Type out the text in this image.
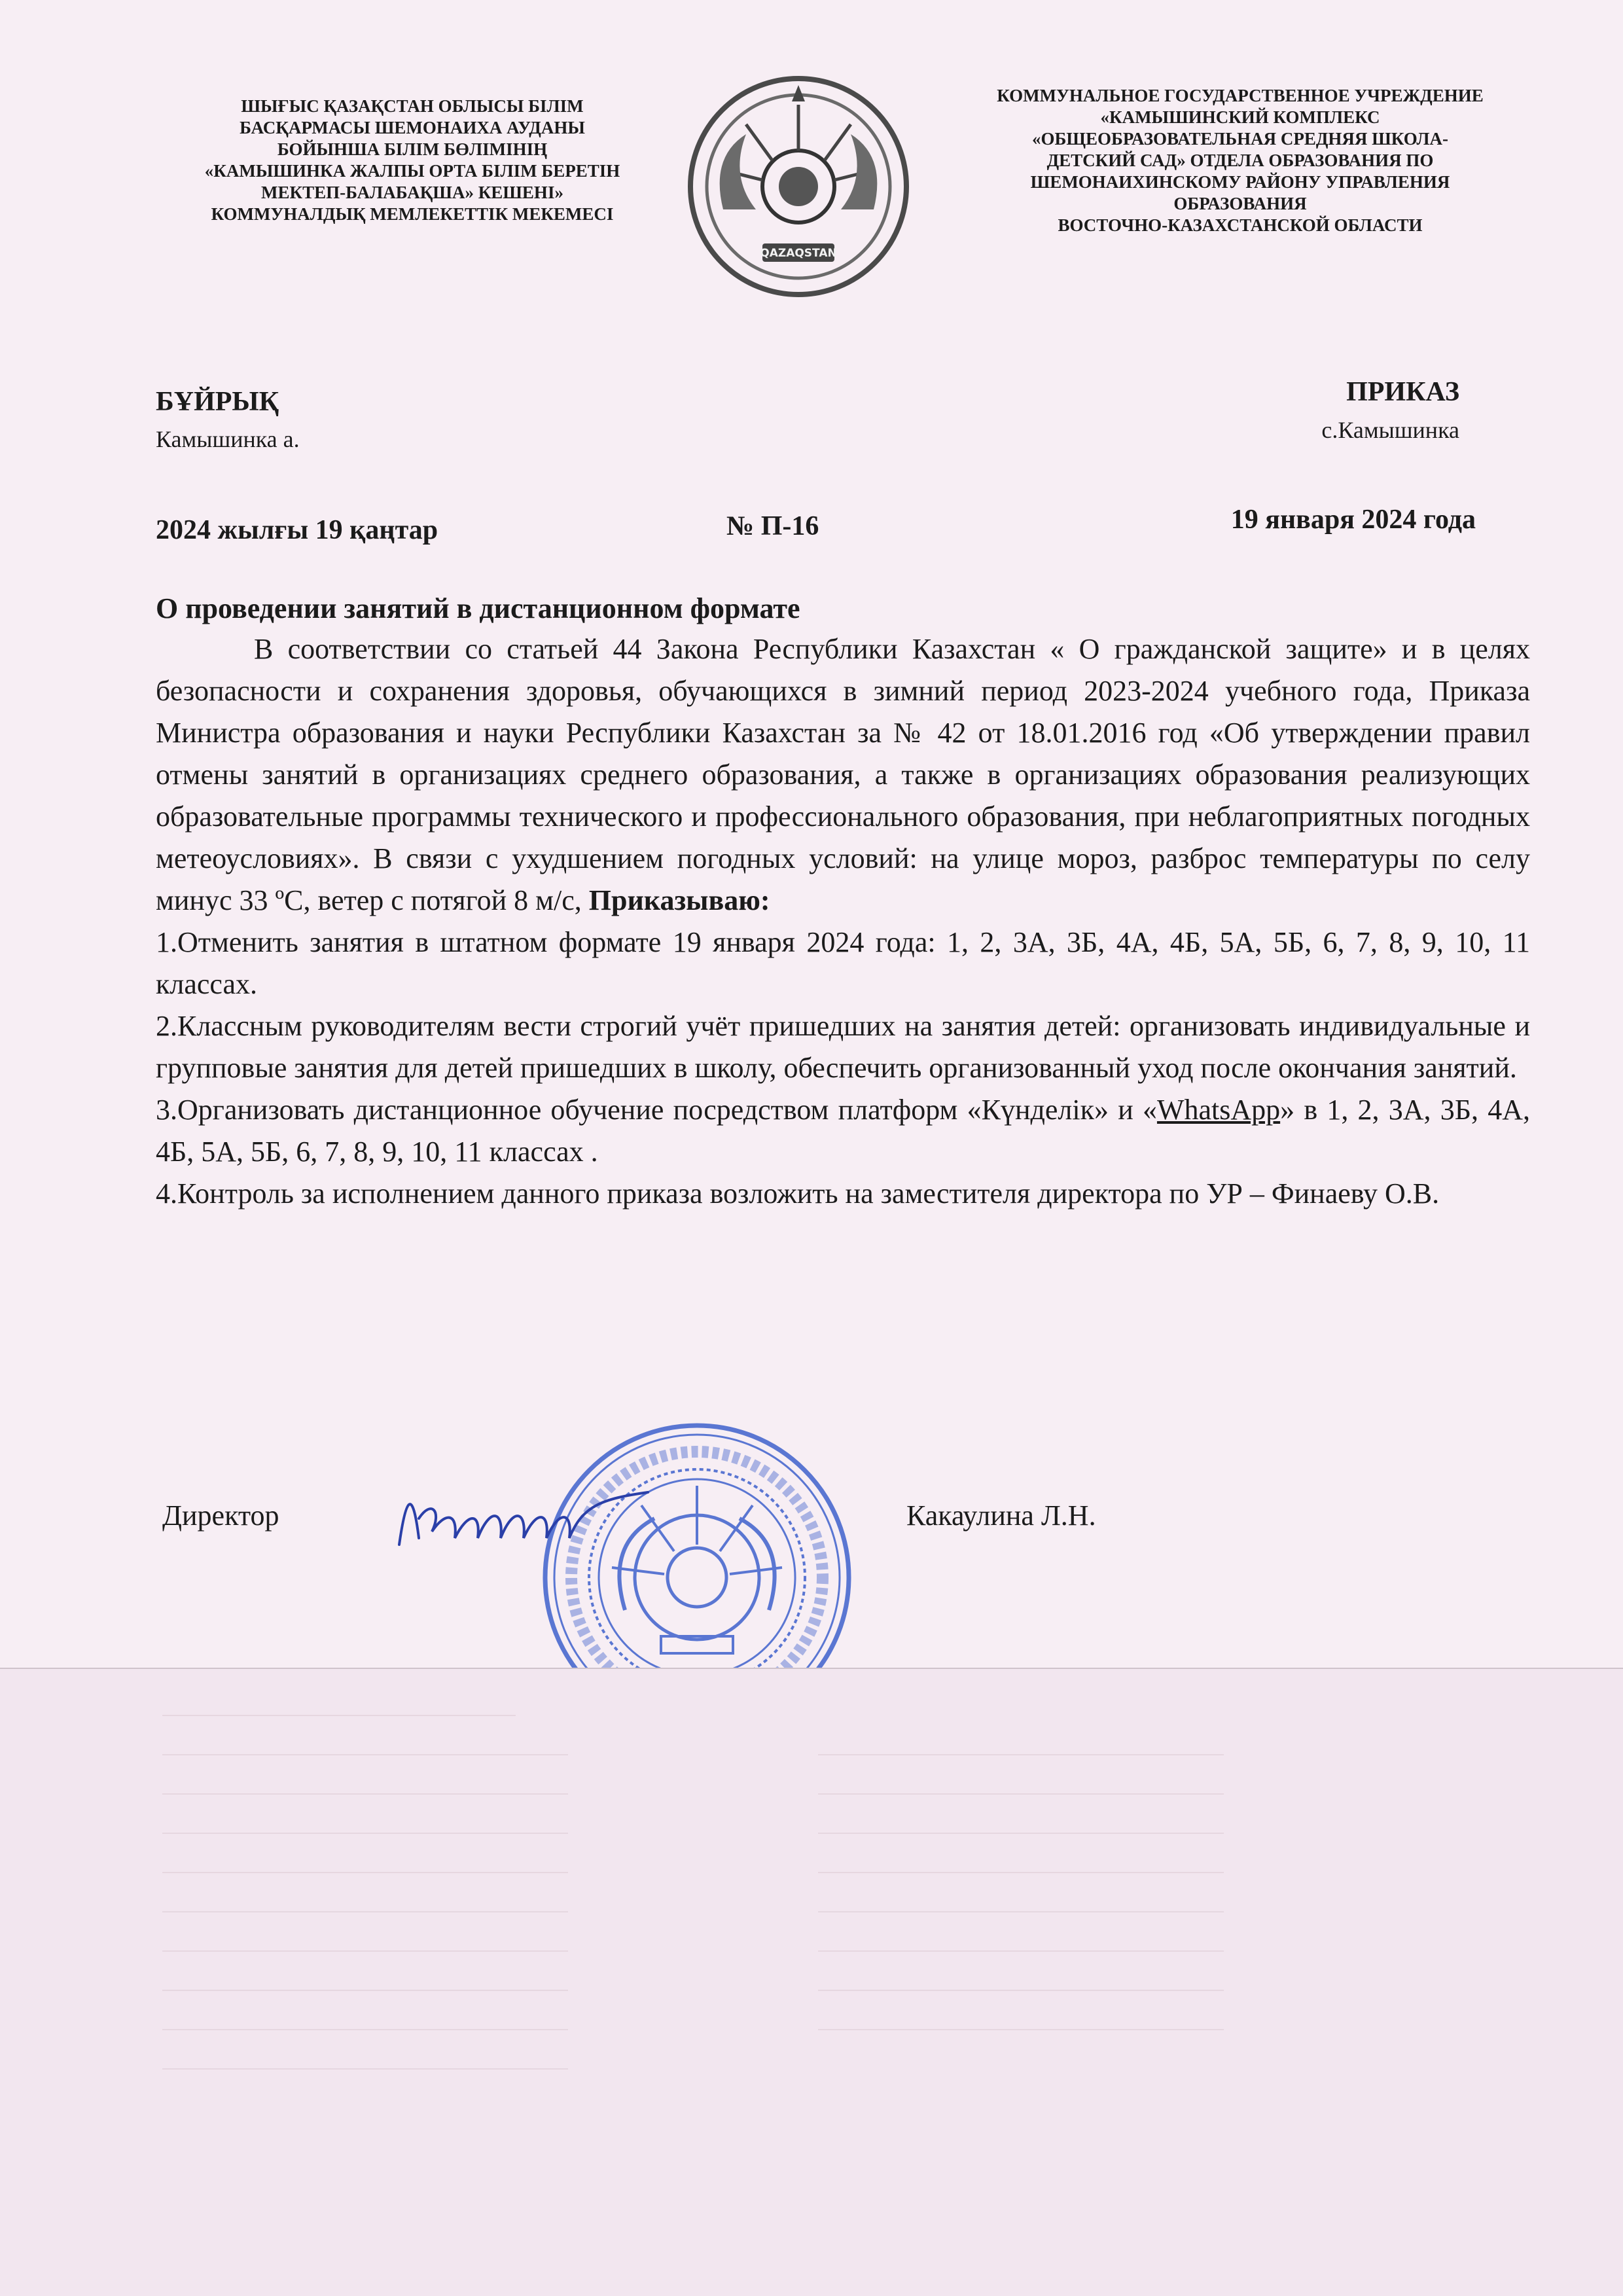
ШЫҒЫС ҚАЗАҚСТАН ОБЛЫСЫ БІЛІМ
БАСҚАРМАСЫ ШЕМОНАИХА АУДАНЫ
БОЙЫНША БІЛІМ БӨЛІМІНІҢ
«КАМЫШИНКА ЖАЛПЫ ОРТА БІЛІМ БЕРЕТІН
МЕКТЕП-БАЛАБАҚША» КЕШЕНІ»
КОММУНАЛДЫҚ МЕМЛЕКЕТТІК МЕКЕМЕСІ
QAZAQSTAN
КОММУНАЛЬНОЕ ГОСУДАРСТВЕННОЕ УЧРЕЖДЕНИЕ
«КАМЫШИНСКИЙ КОМПЛЕКС
«ОБЩЕОБРАЗОВАТЕЛЬНАЯ СРЕДНЯЯ ШКОЛА-
ДЕТСКИЙ САД» ОТДЕЛА ОБРАЗОВАНИЯ ПО
ШЕМОНАИХИНСКОМУ РАЙОНУ УПРАВЛЕНИЯ
ОБРАЗОВАНИЯ
ВОСТОЧНО-КАЗАХСТАНСКОЙ ОБЛАСТИ
БҰЙРЫҚ
Камышинка а.
ПРИКАЗ
с.Камышинка
2024 жылғы 19 қаңтар	№ П-16	19 января 2024 года
О проведении занятий в дистанционном формате

В соответствии со статьей 44 Закона Республики Казахстан « О гражданской защите» и в целях безопасности и сохранения здоровья, обучающихся в зимний период 2023-2024 учебного года, Приказа Министра образования и науки Республики Казахстан за № 42 от 18.01.2016 год «Об утверждении правил отмены занятий в организациях среднего образования, а также в организациях образования реализующих образовательные программы технического и профессионального образования, при неблагоприятных погодных метеоусловиях». В связи с ухудшением погодных условий: на улице мороз, разброс температуры по селу минус 33 ºС, ветер с потягой 8 м/с, Приказываю:

1.Отменить занятия в штатном формате 19 января 2024 года: 1, 2, 3А, 3Б, 4А, 4Б, 5А, 5Б, 6, 7, 8, 9, 10, 11 классах.

2.Классным руководителям вести строгий учёт пришедших на занятия детей: организовать индивидуальные и групповые занятия для детей пришедших в школу, обеспечить организованный уход после окончания занятий.

3.Организовать дистанционное обучение посредством платформ «Күнделік» и «WhatsApp» в 1, 2, 3А, 3Б, 4А, 4Б, 5А, 5Б, 6, 7, 8, 9, 10, 11 классах .

4.Контроль за исполнением данного приказа возложить на заместителя директора по УР – Финаеву О.В.

Директор	Какаулина Л.Н.
